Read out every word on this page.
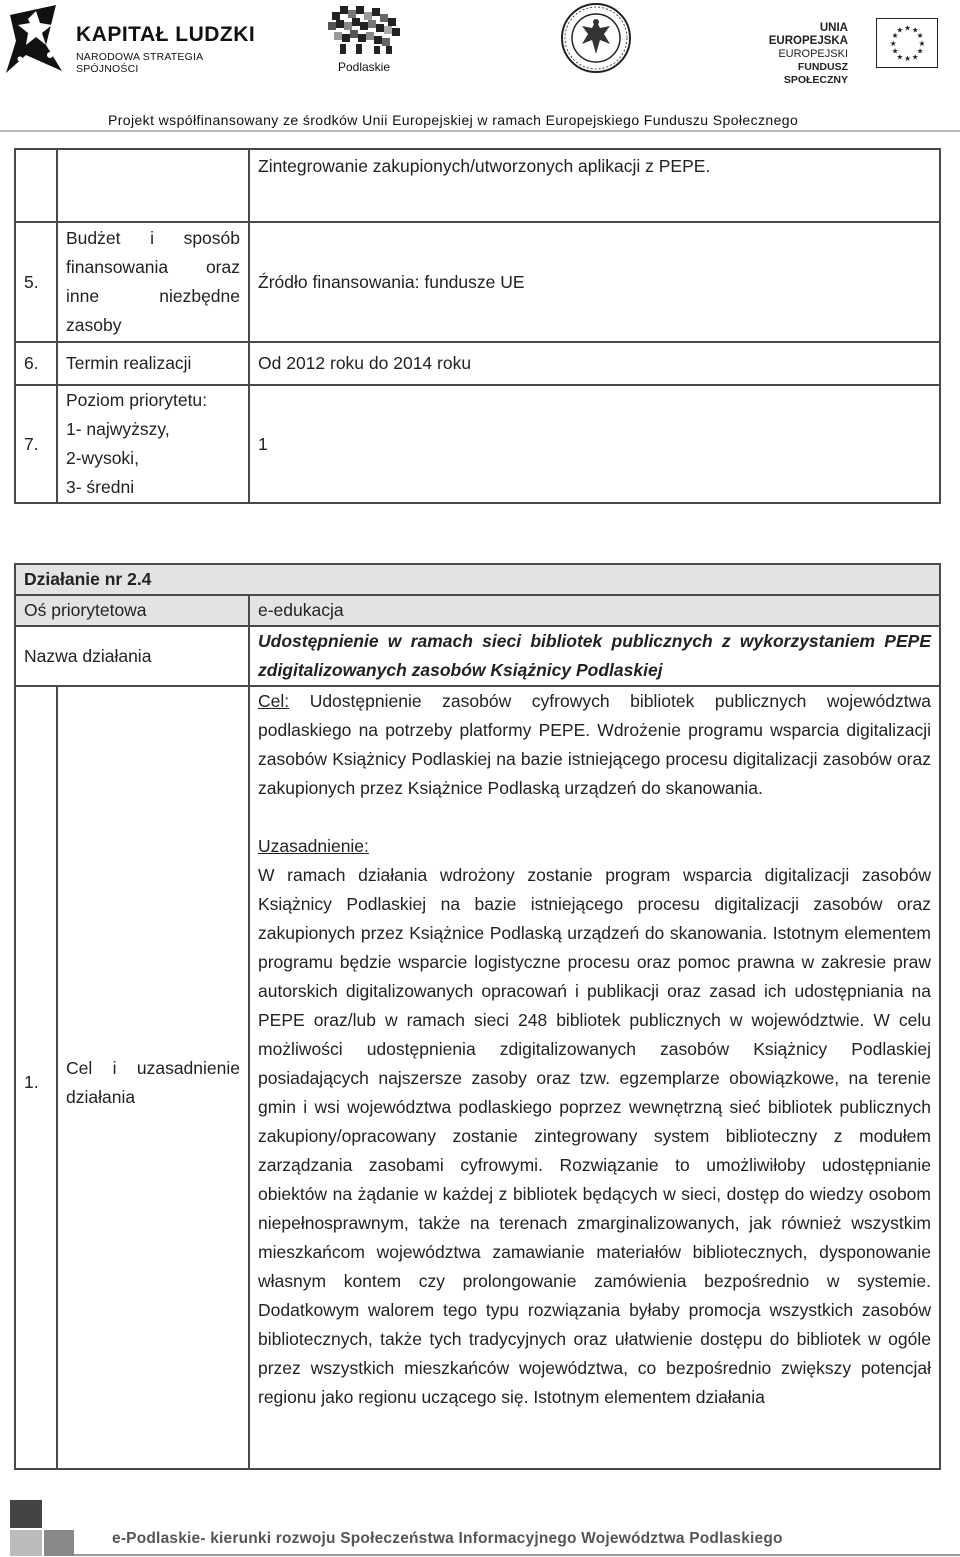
KAPITAŁ LUDZKI
NARODOWA STRATEGIA SPÓJNOŚCI	Podlaskie
UNIA EUROPEJSKA
EUROPEJSKI
FUNDUSZ SPOŁECZNY
★ ★
★
★
★
★
★
★
★
★
★
★
Projekt współfinansowany ze środków Unii Europejskiej w ramach Europejskiego Funduszu Społecznego
		Zintegrowanie zakupionych/utworzonych aplikacji z PEPE.
5.	Budżet i sposób
finansowania oraz
inne niezbędne
zasoby	Źródło finansowania: fundusze UE
6.	Termin realizacji	Od 2012 roku do 2014 roku
7.	Poziom priorytetu:
1- najwyższy,
2-wysoki,
3- średni	1
Działanie nr 2.4		
Oś priorytetowa		e-edukacja
Nazwa działania		Udostępnienie w ramach sieci bibliotek publicznych z wykorzystaniem PEPE zdigitalizowanych zasobów Książnicy Podlaskiej
1.	Cel i uzasadnienie działania	Cel: Udostępnienie zasobów cyfrowych bibliotek publicznych województwa podlaskiego na potrzeby platformy PEPE. Wdrożenie programu wsparcia digitalizacji zasobów Książnicy Podlaskiej na bazie istniejącego procesu digitalizacji zasobów oraz zakupionych przez Książnice Podlaską urządzeń do skanowania.
Uzasadnienie:
W ramach działania wdrożony zostanie program wsparcia digitalizacji zasobów Książnicy Podlaskiej na bazie istniejącego procesu digitalizacji zasobów oraz zakupionych przez Książnice Podlaską urządzeń do skanowania. Istotnym elementem programu będzie wsparcie logistyczne procesu oraz pomoc prawna w zakresie praw autorskich digitalizowanych opracowań i publikacji oraz zasad ich udostępniania na PEPE oraz/lub w ramach sieci 248 bibliotek publicznych w województwie. W celu możliwości udostępnienia zdigitalizowanych zasobów Książnicy Podlaskiej posiadających najszersze zasoby oraz tzw. egzemplarze obowiązkowe, na terenie gmin i wsi województwa podlaskiego poprzez wewnętrzną sieć bibliotek publicznych zakupiony/opracowany zostanie zintegrowany system biblioteczny z modułem zarządzania zasobami cyfrowymi. Rozwiązanie to umożliwiłoby udostępnianie obiektów na żądanie w każdej z bibliotek będących w sieci, dostęp do wiedzy osobom niepełnosprawnym, także na terenach zmarginalizowanych, jak również wszystkim mieszkańcom województwa zamawianie materiałów bibliotecznych, dysponowanie własnym kontem czy prolongowanie zamówienia bezpośrednio w systemie. Dodatkowym walorem tego typu rozwiązania byłaby promocja wszystkich zasobów bibliotecznych, także tych tradycyjnych oraz ułatwienie dostępu do bibliotek w ogóle przez wszystkich mieszkańców województwa, co bezpośrednio zwiększy potencjał regionu jako regionu uczącego się. Istotnym elementem działania
e-Podlaskie- kierunki rozwoju Społeczeństwa Informacyjnego Województwa Podlaskiego
